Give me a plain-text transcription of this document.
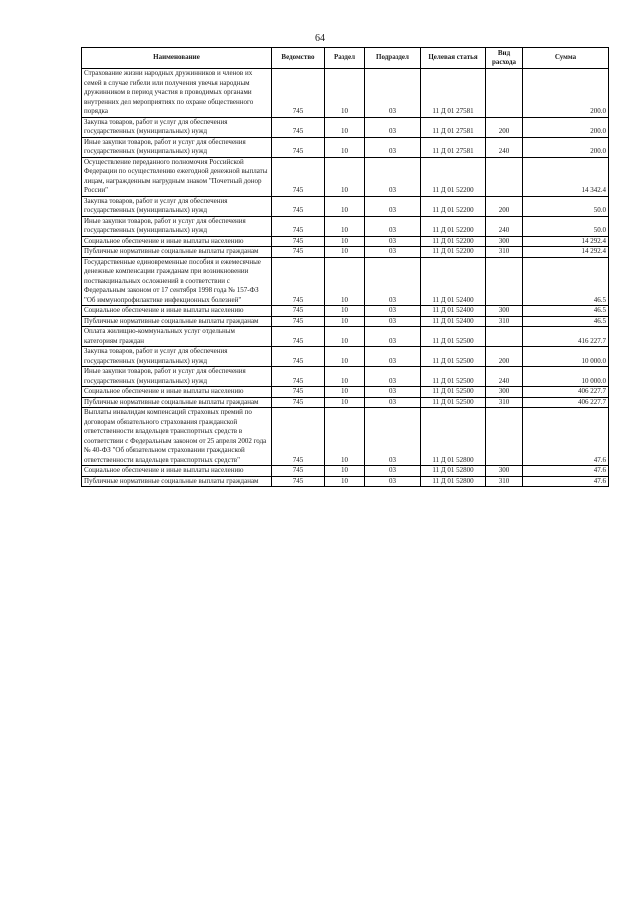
64
Наименование	Ведомство	Раздел	Подраздел	Целевая статья	Вид расхода	Сумма
Страхование жизни народных дружинников и членов их семей в случае гибели или получения увечья народным дружинником в период участия в проводимых органами внутренних дел мероприятиях по охране общественного порядка	745	10	03	11 Д 01 27581		200.0
Закупка товаров, работ и услуг для обеспечения государственных (муниципальных) нужд	745	10	03	11 Д 01 27581	200	200.0
Иные закупки товаров, работ и услуг для обеспечения государственных (муниципальных) нужд	745	10	03	11 Д 01 27581	240	200.0
Осуществление переданного полномочия Российской Федерации по осуществлению ежегодной денежной выплаты лицам, награжденным нагрудным знаком "Почетный донор России"	745	10	03	11 Д 01 52200		14 342.4
Закупка товаров, работ и услуг для обеспечения государственных (муниципальных) нужд	745	10	03	11 Д 01 52200	200	50.0
Иные закупки товаров, работ и услуг для обеспечения государственных (муниципальных) нужд	745	10	03	11 Д 01 52200	240	50.0
Социальное обеспечение и иные выплаты населению	745	10	03	11 Д 01 52200	300	14 292.4
Публичные нормативные социальные выплаты гражданам	745	10	03	11 Д 01 52200	310	14 292.4
Государственные единовременные пособия и ежемесячные денежные компенсации гражданам при возникновении поствакцинальных осложнений в соответствии с Федеральным законом от 17 сентября 1998 года № 157-ФЗ "Об иммунопрофилактике инфекционных болезней"	745	10	03	11 Д 01 52400		46.5
Социальное обеспечение и иные выплаты населению	745	10	03	11 Д 01 52400	300	46.5
Публичные нормативные социальные выплаты гражданам	745	10	03	11 Д 01 52400	310	46.5
Оплата жилищно-коммунальных услуг отдельным категориям граждан	745	10	03	11 Д 01 52500		416 227.7
Закупка товаров, работ и услуг для обеспечения государственных (муниципальных) нужд	745	10	03	11 Д 01 52500	200	10 000.0
Иные закупки товаров, работ и услуг для обеспечения государственных (муниципальных) нужд	745	10	03	11 Д 01 52500	240	10 000.0
Социальное обеспечение и иные выплаты населению	745	10	03	11 Д 01 52500	300	406 227.7
Публичные нормативные социальные выплаты гражданам	745	10	03	11 Д 01 52500	310	406 227.7
Выплаты инвалидам компенсаций страховых премий по договорам обязательного страхования гражданской ответственности владельцев транспортных средств в соответствии с Федеральным законом от 25 апреля 2002 года № 40-ФЗ "Об обязательном страховании гражданской ответственности владельцев транспортных средств"	745	10	03	11 Д 01 52800		47.6
Социальное обеспечение и иные выплаты населению	745	10	03	11 Д 01 52800	300	47.6
Публичные нормативные социальные выплаты гражданам	745	10	03	11 Д 01 52800	310	47.6
